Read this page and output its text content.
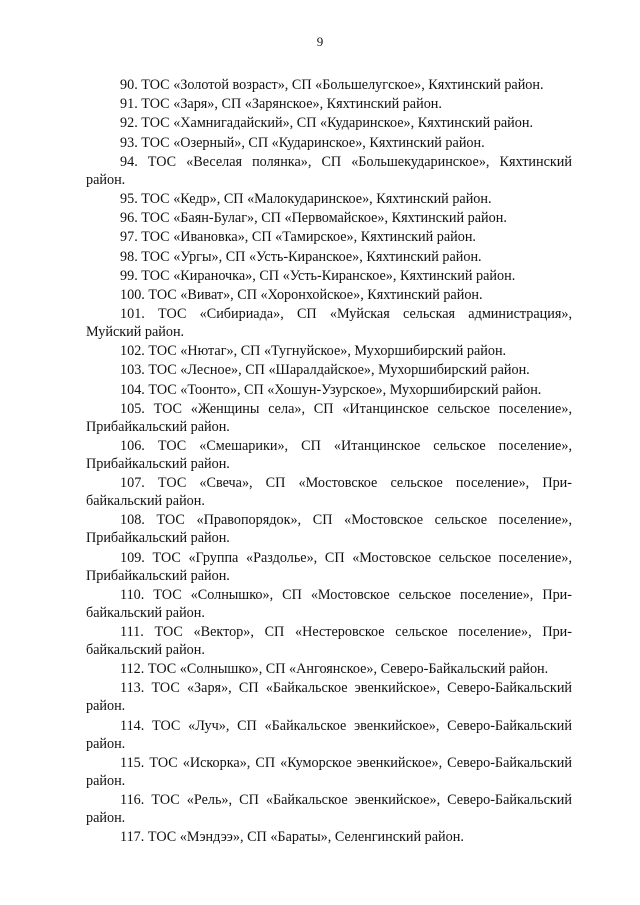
9

90. ТОС «Золотой возраст», СП «Большелугское», Кяхтинский район.

91. ТОС «Заря», СП «Зарянское», Кяхтинский район.

92. ТОС «Хамнигадайский», СП «Кударинское», Кяхтинский район.

93. ТОС «Озерный», СП «Кударинское», Кяхтинский район.

94. ТОС «Веселая полянка», СП «Большекударинское», Кяхтинский район.

95. ТОС «Кедр», СП «Малокударинское», Кяхтинский район.

96. ТОС «Баян-Булаг», СП «Первомайское», Кяхтинский район.

97. ТОС «Ивановка», СП «Тамирское», Кяхтинский район.

98. ТОС «Ургы», СП «Усть-Киранское», Кяхтинский район.

99. ТОС «Кираночка», СП «Усть-Киранское», Кяхтинский район.

100. ТОС «Виват», СП «Хоронхойское», Кяхтинский район.

101. ТОС «Сибириада», СП «Муйская сельская администрация», Муйский район.

102. ТОС «Нютаг», СП «Тугнуйское», Мухоршибирский район.

103. ТОС «Лесное», СП «Шаралдайское», Мухоршибирский район.

104. ТОС «Тоонто», СП «Хошун-Узурское», Мухоршибирский район.

105. ТОС «Женщины села», СП «Итанцинское сельское поселение», Прибайкальский район.

106. ТОС «Смешарики», СП «Итанцинское сельское поселение», Прибайкальский район.

107. ТОС «Свеча», СП «Мостовское сельское поселение», Прибайкальский район.

108. ТОС «Правопорядок», СП «Мостовское сельское поселение», Прибайкальский район.

109. ТОС «Группа «Раздолье», СП «Мостовское сельское поселение», Прибайкальский район.

110. ТОС «Солнышко», СП «Мостовское сельское поселение», Прибайкальский район.

111. ТОС «Вектор», СП «Нестеровское сельское поселение», Прибайкальский район.

112. ТОС «Солнышко», СП «Ангоянское», Северо-Байкальский район.

113. ТОС «Заря», СП «Байкальское эвенкийское», Северо-Байкальский район.

114. ТОС «Луч», СП «Байкальское эвенкийское», Северо-Байкальский район.

115. ТОС «Искорка», СП «Куморское эвенкийское», Северо-Байкальский район.

116. ТОС «Рель», СП «Байкальское эвенкийское», Северо-Байкальский район.

117. ТОС «Мэндээ», СП «Бараты», Селенгинский район.
